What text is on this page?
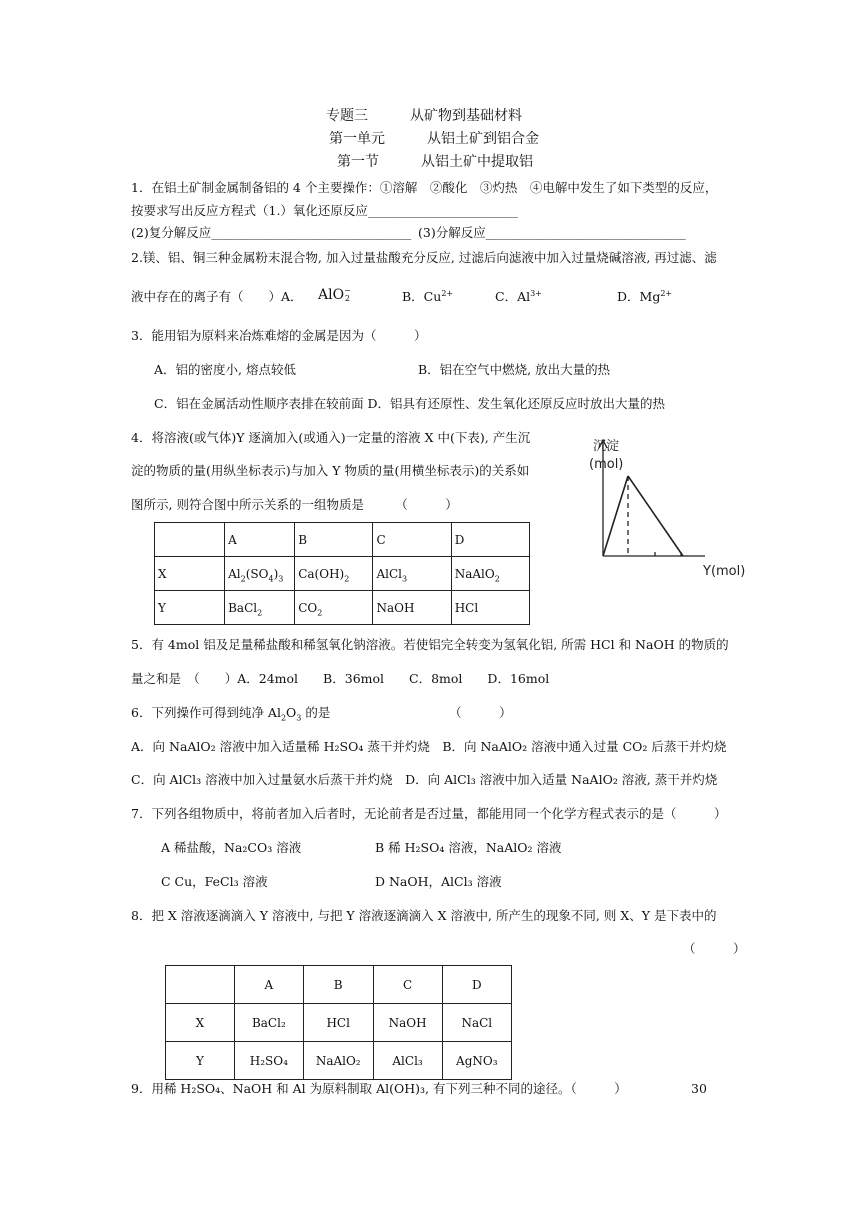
专题三　　　从矿物到基础材料
第一单元　　　从铝土矿到铝合金
第一节　　　从铝土矿中提取铝
1．在铝土矿制金属制备铝的 4 个主要操作：①溶解　②酸化　③灼热　④电解中发生了如下类型的反应，
按要求写出反应方程式（1.）氧化还原反应________________________
(2)复分解反应________________________________ (3)分解反应________________________________
2.镁、铝、铜三种金属粉末混合物, 加入过量盐酸充分反应, 过滤后向滤液中加入过量烧碱溶液, 再过滤、滤
液中存在的离子有（　　）A． AlO −
2	B．$Cu^{2+}$	C．$Al^{3+}$	D．$Mg^{2+}$
3．能用铝为原料来冶炼难熔的金属是因为（　　　）
A．铝的密度小, 熔点较低	B．铝在空气中燃烧, 放出大量的热
C．铝在金属活动性顺序表排在较前面 D．铝具有还原性、发生氧化还原反应时放出大量的热
4．将溶液(或气体)Y 逐滴加入(或通入)一定量的溶液 X 中(下表), 产生沉
淀的物质的量(用纵坐标表示)与加入 Y 物质的量(用横坐标表示)的关系如
图所示, 则符合图中所示关系的一组物质是　　　（　　　）
	A	B	C	D
X	$Al_2(SO_4)_3$	$Ca(OH)_2$	AlCl$_3$	NaAlO$_2$
Y	BaCl$_2$	$CO_2$	NaOH	HCl
沉淀
(mol)
Y(mol)
5．有 4mol 铝及足量稀盐酸和稀氢氧化钠溶液。若使铝完全转变为氢氧化铝, 所需 HCl 和 NaOH 的物质的
量之和是　（　　）A．24mol　　B．36mol　　C．8mol　　D．16mol
6．下列操作可得到纯净 $Al_2O_3$ 的是　　　　　　　　　　（　　　）
A．向 NaAlO₂ 溶液中加入适量稀 H₂SO₄ 蒸干并灼烧　B．向 NaAlO₂ 溶液中通入过量 CO₂ 后蒸干并灼烧
C．向 AlCl₃ 溶液中加入过量氨水后蒸干并灼烧　D．向 AlCl₃ 溶液中加入适量 NaAlO₂ 溶液, 蒸干并灼烧
7．下列各组物质中，将前者加入后者时，无论前者是否过量，都能用同一个化学方程式表示的是（　　　）
A 稀盐酸，Na₂CO₃ 溶液	B 稀 H₂SO₄ 溶液，NaAlO₂ 溶液
C Cu，FeCl₃ 溶液	D NaOH，AlCl₃ 溶液
8．把 X 溶液逐滴滴入 Y 溶液中, 与把 Y 溶液逐滴滴入 X 溶液中, 所产生的现象不同, 则 X、Y 是下表中的
（　　　）
	A	B	C	D
X	BaCl₂	HCl	NaOH	NaCl
Y	H₂SO₄	NaAlO₂	AlCl₃	AgNO₃
9．用稀 H₂SO₄、NaOH 和 Al 为原料制取 Al(OH)₃, 有下列三种不同的途径。（　　　）	30
